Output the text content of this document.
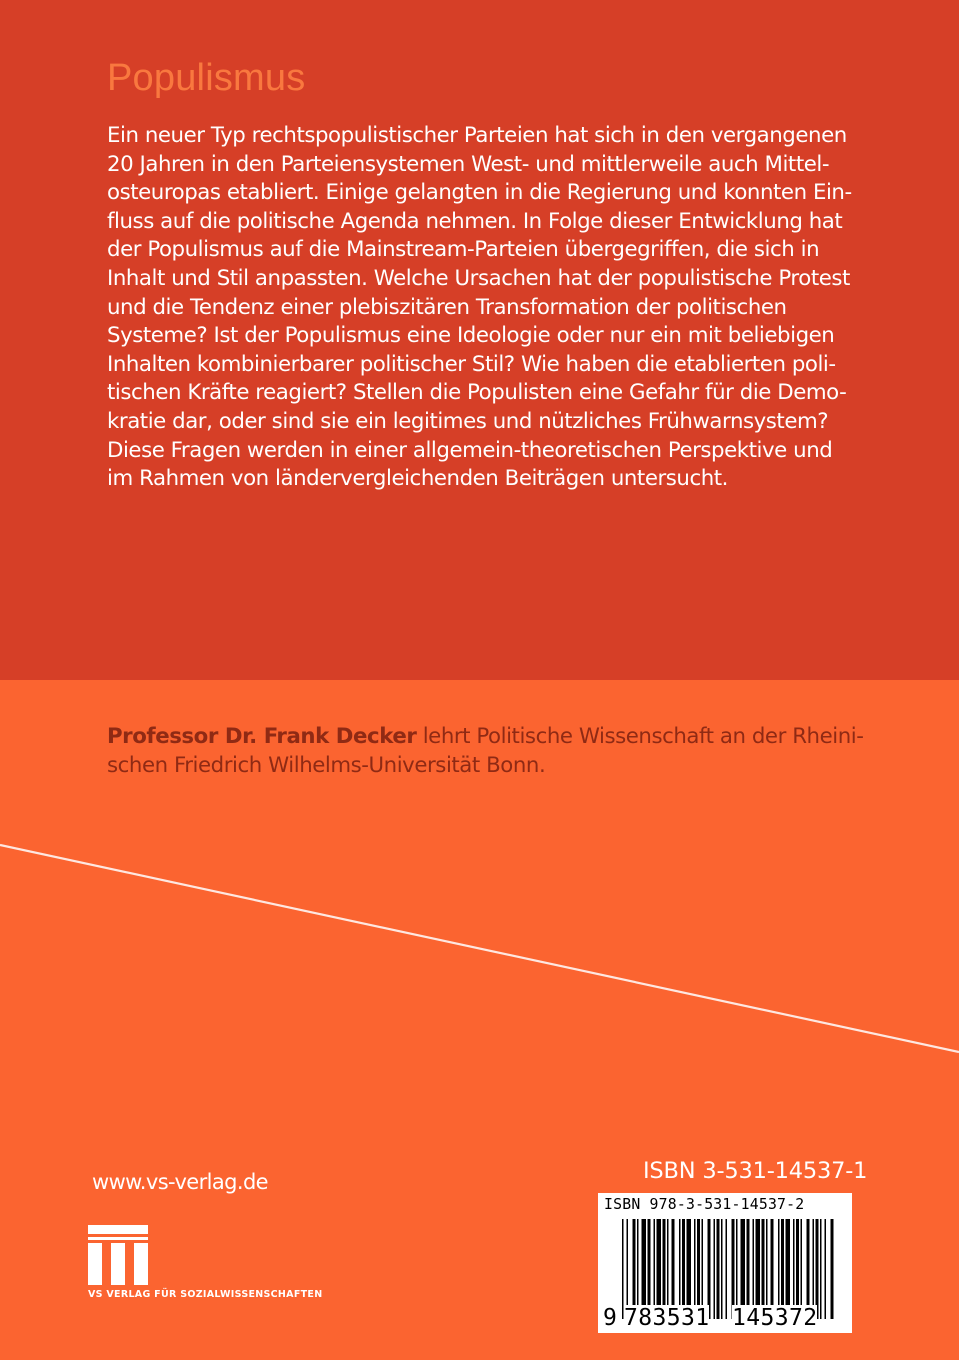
Populismus
Ein neuer Typ rechtspopulistischer Parteien hat sich in den vergangenen
20 Jahren in den Parteiensystemen West- und mittlerweile auch Mittel-
osteuropas etabliert. Einige gelangten in die Regierung und konnten Ein-
fluss auf die politische Agenda nehmen. In Folge dieser Entwicklung hat
der Populismus auf die Mainstream-Parteien übergegriffen, die sich in
Inhalt und Stil anpassten. Welche Ursachen hat der populistische Protest
und die Tendenz einer plebiszitären Transformation der politischen
Systeme? Ist der Populismus eine Ideologie oder nur ein mit beliebigen
Inhalten kombinierbarer politischer Stil? Wie haben die etablierten poli-
tischen Kräfte reagiert? Stellen die Populisten eine Gefahr für die Demo-
kratie dar, oder sind sie ein legitimes und nützliches Frühwarnsystem?
Diese Fragen werden in einer allgemein-theoretischen Perspektive und
im Rahmen von ländervergleichenden Beiträgen untersucht.
Professor Dr. Frank Decker lehrt Politische Wissenschaft an der Rheini-
schen Friedrich Wilhelms-Universität Bonn.
www.vs-verlag.de
VS VERLAG FÜR SOZIALWISSENSCHAFTEN
ISBN 3-531-14537-1
ISBN 978-3-531-14537-2
9 783531 145372
